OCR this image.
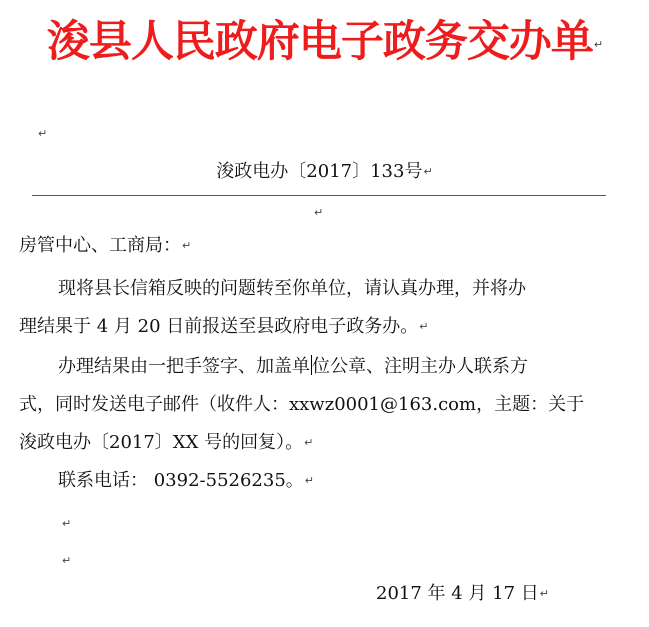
浚县人民政府电子政务交办单↵
↵
浚政电办〔2017〕133号↵
↵
房管中心、工商局：↵
现将县长信箱反映的问题转至你单位，请认真办理，并将办
理结果于 4 月 20 日前报送至县政府电子政务办。↵
办理结果由一把手签字、加盖单 位公章、注明主办人联系方
式，同时发送电子邮件（收件人：xxwz0001@163.com，主题：关于
浚政电办〔2017〕XX 号的回复）。↵
联系电话： 0392-5526235。↵
↵
↵
2017 年 4 月 17 日↵
